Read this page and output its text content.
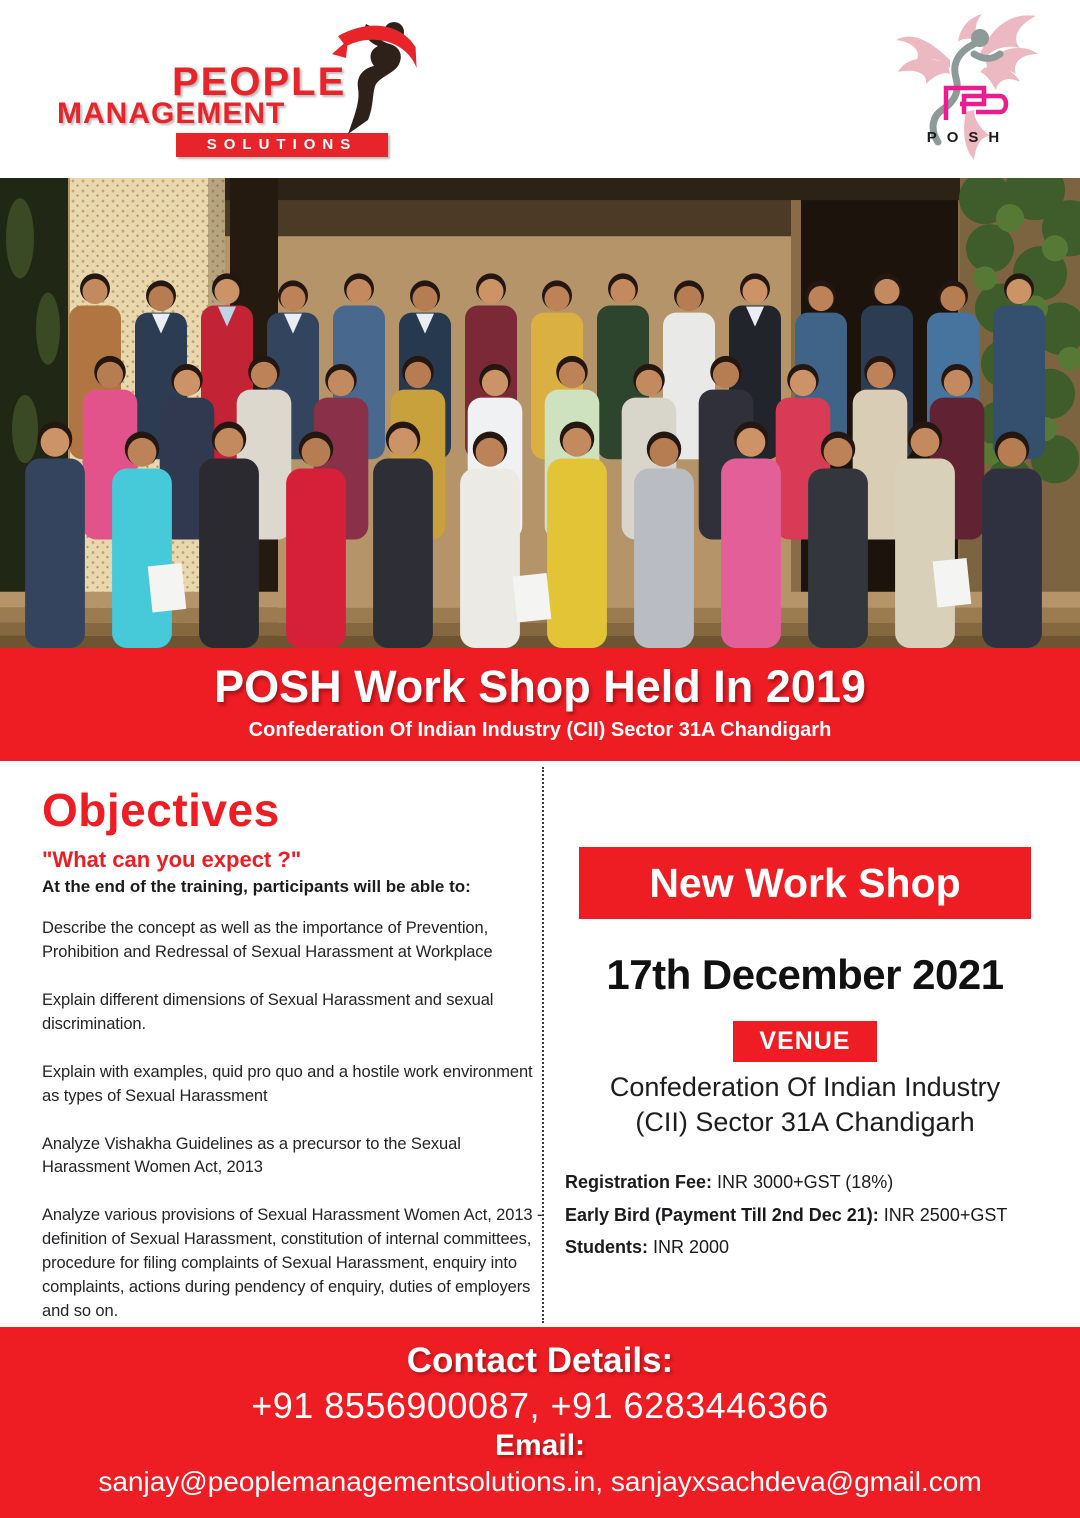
PEOPLE
MANAGEMENT
SOLUTIONS	POSH
POSH Work Shop Held In 2019

Confederation Of Indian Industry (CII) Sector 31A Chandigarh

Objectives

"What can you expect ?"

At the end of the training, participants will be able to:

Describe the concept as well as the importance of Prevention, Prohibition and Redressal of Sexual Harassment at Workplace

Explain different dimensions of Sexual Harassment and sexual discrimination.

Explain with examples, quid pro quo and a hostile work environment as types of Sexual Harassment

Analyze Vishakha Guidelines as a precursor to the Sexual Harassment Women Act, 2013

Analyze various provisions of Sexual Harassment Women Act, 2013 - definition of Sexual Harassment, constitution of internal committees, procedure for filing complaints of Sexual Harassment, enquiry into complaints, actions during pendency of enquiry, duties of employers and so on.

New Work Shop
17th December 2021
VENUE
Confederation Of Indian Industry
(CII) Sector 31A Chandigarh

Registration Fee: INR 3000+GST (18%)

Early Bird (Payment Till 2nd Dec 21): INR 2500+GST

Students: INR 2000

Contact Details:
+91 8556900087, +91 6283446366
Email:
sanjay@peoplemanagementsolutions.in, sanjayxsachdeva@gmail.com
